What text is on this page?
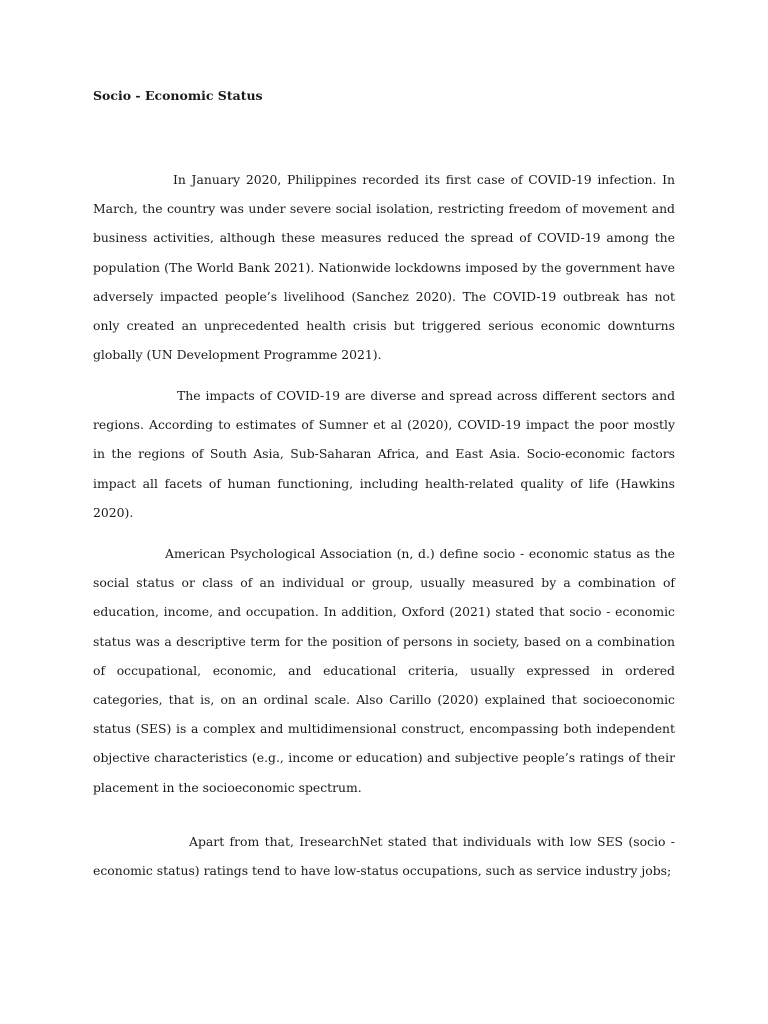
Socio - Economic Status

In January 2020, Philippines recorded its first case of COVID-19 infection. In March, the country was under severe social isolation, restricting freedom of movement and business activities, although these measures reduced the spread of COVID-19 among the population (The World Bank 2021). Nationwide lockdowns imposed by the government have adversely impacted people’s livelihood (Sanchez 2020). The COVID-19 outbreak has not only created an unprecedented health crisis but triggered serious economic downturns globally (UN Development Programme 2021).

The impacts of COVID-19 are diverse and spread across different sectors and regions. According to estimates of Sumner et al (2020), COVID-19 impact the poor mostly in the regions of South Asia, Sub-Saharan Africa, and East Asia. Socio-economic factors impact all facets of human functioning, including health-related quality of life (Hawkins 2020).

American Psychological Association (n, d.) define socio - economic status as the social status or class of an individual or group, usually measured by a combination of education, income, and occupation. In addition, Oxford (2021) stated that socio - economic status was a descriptive term for the position of persons in society, based on a combination of occupational, economic, and educational criteria, usually expressed in ordered categories, that is, on an ordinal scale. Also Carillo (2020) explained that socioeconomic status (SES) is a complex and multidimensional construct, encompassing both independent objective characteristics (e.g., income or education) and subjective people’s ratings of their placement in the socioeconomic spectrum.

Apart from that, IresearchNet stated that individuals with low SES (socio - economic status) ratings tend to have low-status occupations, such as service industry jobs;
